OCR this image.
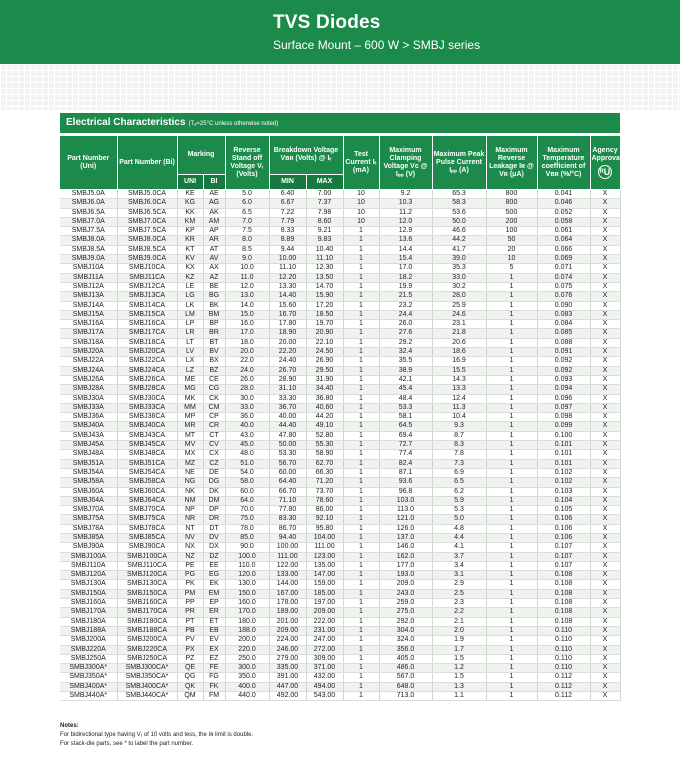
TVS Diodes
Surface Mount – 600 W > SMBJ series
Electrical Characteristics (Tₐ=25°C unless otherwise noted)
Part Number (Uni)	Part Number (Bi)	Marking		Reverse Stand off Voltage Vᵣ (Volts)	Breakdown Voltage Vʙʀ (Volts) @ Iₜ		Test Current Iₜ (mA)	Maximum Clamping Voltage Vᴄ @ Iₚₚ (V)	Maximum Peak Pulse Current Iₚₚ (A)	Maximum Reverse Leakage Iʀ @ Vʀ (μA)	Maximum Temperature coefficient of Vʙʀ (%/°C)	Agency Approval
ᴿU
		UNI	BI		MIN	MAX						
SMBJ5.0A	SMBJ5.0CA	KE	AE	5.0	6.40	7.00	10	9.2	65.3	800	0.041	X
SMBJ6.0A	SMBJ6.0CA	KG	AG	6.0	6.67	7.37	10	10.3	58.3	800	0.046	X
SMBJ6.5A	SMBJ6.5CA	KK	AK	6.5	7.22	7.98	10	11.2	53.6	500	0.052	X
SMBJ7.0A	SMBJ7.0CA	KM	AM	7.0	7.79	8.60	10	12.0	50.0	200	0.058	X
SMBJ7.5A	SMBJ7.5CA	KP	AP	7.5	8.33	9.21	1	12.9	46.6	100	0.061	X
SMBJ8.0A	SMBJ8.0CA	KR	AR	8.0	8.89	9.83	1	13.6	44.2	50	0.064	X
SMBJ8.5A	SMBJ8.5CA	KT	AT	8.5	9.44	10.40	1	14.4	41.7	20	0.066	X
SMBJ9.0A	SMBJ9.0CA	KV	AV	9.0	10.00	11.10	1	15.4	39.0	10	0.069	X
SMBJ10A	SMBJ10CA	KX	AX	10.0	11.10	12.30	1	17.0	35.3	5	0.071	X
SMBJ11A	SMBJ11CA	KZ	AZ	11.0	12.20	13.50	1	18.2	33.0	1	0.074	X
SMBJ12A	SMBJ12CA	LE	BE	12.0	13.30	14.70	1	19.9	30.2	1	0.075	X
SMBJ13A	SMBJ13CA	LG	BG	13.0	14.40	15.90	1	21.5	28.0	1	0.076	X
SMBJ14A	SMBJ14CA	LK	BK	14.0	15.60	17.20	1	23.2	25.9	1	0.090	X
SMBJ15A	SMBJ15CA	LM	BM	15.0	16.70	18.50	1	24.4	24.6	1	0.083	X
SMBJ16A	SMBJ16CA	LP	BP	16.0	17.80	19.70	1	26.0	23.1	1	0.084	X
SMBJ17A	SMBJ17CA	LR	BR	17.0	18.90	20.90	1	27.6	21.8	1	0.085	X
SMBJ18A	SMBJ18CA	LT	BT	18.0	20.00	22.10	1	29.2	20.6	1	0.088	X
SMBJ20A	SMBJ20CA	LV	BV	20.0	22.20	24.50	1	32.4	18.6	1	0.091	X
SMBJ22A	SMBJ22CA	LX	BX	22.0	24.40	26.90	1	35.5	16.9	1	0.092	X
SMBJ24A	SMBJ24CA	LZ	BZ	24.0	26.70	29.50	1	38.9	15.5	1	0.092	X
SMBJ26A	SMBJ26CA	ME	CE	26.0	28.90	31.90	1	42.1	14.3	1	0.093	X
SMBJ28A	SMBJ28CA	MG	CG	28.0	31.10	34.40	1	45.4	13.3	1	0.094	X
SMBJ30A	SMBJ30CA	MK	CK	30.0	33.30	36.80	1	48.4	12.4	1	0.096	X
SMBJ33A	SMBJ33CA	MM	CM	33.0	36.70	40.60	1	53.3	11.3	1	0.097	X
SMBJ36A	SMBJ36CA	MP	CP	36.0	40.00	44.20	1	58.1	10.4	1	0.098	X
SMBJ40A	SMBJ40CA	MR	CR	40.0	44.40	49.10	1	64.5	9.3	1	0.099	X
SMBJ43A	SMBJ43CA	MT	CT	43.0	47.80	52.80	1	69.4	8.7	1	0.100	X
SMBJ45A	SMBJ45CA	MV	CV	45.0	50.00	55.30	1	72.7	8.3	1	0.101	X
SMBJ48A	SMBJ48CA	MX	CX	48.0	53.30	58.90	1	77.4	7.8	1	0.101	X
SMBJ51A	SMBJ51CA	MZ	CZ	51.0	56.70	62.70	1	82.4	7.3	1	0.101	X
SMBJ54A	SMBJ54CA	NE	DE	54.0	60.00	66.30	1	87.1	6.9	1	0.102	X
SMBJ58A	SMBJ58CA	NG	DG	58.0	64.40	71.20	1	93.6	6.5	1	0.102	X
SMBJ60A	SMBJ60CA	NK	DK	60.0	66.70	73.70	1	96.8	6.2	1	0.103	X
SMBJ64A	SMBJ64CA	NM	DM	64.0	71.10	78.60	1	103.0	5.9	1	0.104	X
SMBJ70A	SMBJ70CA	NP	DP	70.0	77.80	86.00	1	113.0	5.3	1	0.105	X
SMBJ75A	SMBJ75CA	NR	DR	75.0	83.30	92.10	1	121.0	5.0	1	0.106	X
SMBJ78A	SMBJ78CA	NT	DT	78.0	86.70	95.80	1	126.0	4.8	1	0.106	X
SMBJ85A	SMBJ85CA	NV	DV	85.0	94.40	104.00	1	137.0	4.4	1	0.106	X
SMBJ90A	SMBJ90CA	NX	DX	90.0	100.00	111.00	1	146.0	4.1	1	0.107	X
SMBJ100A	SMBJ100CA	NZ	DZ	100.0	111.00	123.00	1	162.0	3.7	1	0.107	X
SMBJ110A	SMBJ110CA	PE	EE	110.0	122.00	135.00	1	177.0	3.4	1	0.107	X
SMBJ120A	SMBJ120CA	PG	EG	120.0	133.00	147.00	1	193.0	3.1	1	0.108	X
SMBJ130A	SMBJ130CA	PK	EK	130.0	144.00	159.00	1	209.0	2.9	1	0.108	X
SMBJ150A	SMBJ150CA	PM	EM	150.0	167.00	185.00	1	243.0	2.5	1	0.108	X
SMBJ160A	SMBJ160CA	PP	EP	160.0	178.00	197.00	1	259.0	2.3	1	0.108	X
SMBJ170A	SMBJ170CA	PR	ER	170.0	189.00	209.00	1	275.0	2.2	1	0.108	X
SMBJ180A	SMBJ180CA	PT	ET	180.0	201.00	222.00	1	292.0	2.1	1	0.108	X
SMBJ188A	SMBJ188CA	PB	EB	188.0	209.00	231.00	1	304.0	2.0	1	0.110	X
SMBJ200A	SMBJ200CA	PV	EV	200.0	224.00	247.00	1	324.0	1.9	1	0.110	X
SMBJ220A	SMBJ220CA	PX	EX	220.0	246.00	272.00	1	356.0	1.7	1	0.110	X
SMBJ250A	SMBJ250CA	PZ	EZ	250.0	279.00	309.00	1	405.0	1.5	1	0.110	X
SMBJ300A*	SMBJ300CA*	QE	FE	300.0	335.00	371.00	1	486.0	1.2	1	0.110	X
SMBJ350A*	SMBJ350CA*	QG	FG	350.0	391.00	432.00	1	567.0	1.5	1	0.112	X
SMBJ400A*	SMBJ400CA*	QK	FK	400.0	447.00	494.00	1	648.0	1.3	1	0.112	X
SMBJ440A*	SMBJ440CA*	QM	FM	440.0	492.00	543.00	1	713.0	1.1	1	0.112	X
Notes:
For bidirectional type having Vᵣ of 10 volts and less, the Iʀ limit is double.
For stack-die parts, see * to label the part number.
